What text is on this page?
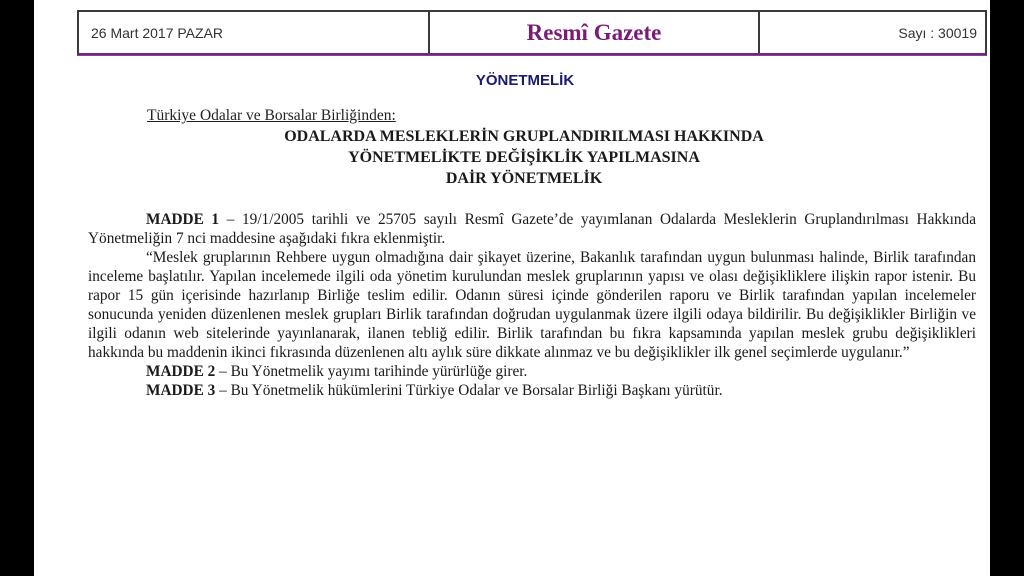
26 Mart 2017 PAZAR	Resmî Gazete	Sayı : 30019
YÖNETMELİK
Türkiye Odalar ve Borsalar Birliğinden:
ODALARDA MESLEKLERİN GRUPLANDIRILMASI HAKKINDA
YÖNETMELİKTE DEĞİŞİKLİK YAPILMASINA
DAİR YÖNETMELİK

MADDE 1 – 19/1/2005 tarihli ve 25705 sayılı Resmî Gazete’de yayımlanan Odalarda Mesleklerin Gruplandırılması Hakkında Yönetmeliğin 7 nci maddesine aşağıdaki fıkra eklenmiştir.

“Meslek gruplarının Rehbere uygun olmadığına dair şikayet üzerine, Bakanlık tarafından uygun bulunması halinde, Birlik tarafından inceleme başlatılır. Yapılan incelemede ilgili oda yönetim kurulundan meslek gruplarının yapısı ve olası değişikliklere ilişkin rapor istenir. Bu rapor 15 gün içerisinde hazırlanıp Birliğe teslim edilir. Odanın süresi içinde gönderilen raporu ve Birlik tarafından yapılan incelemeler sonucunda yeniden düzenlenen meslek grupları Birlik tarafından doğrudan uygulanmak üzere ilgili odaya bildirilir. Bu değişiklikler Birliğin ve ilgili odanın web sitelerinde yayınlanarak, ilanen tebliğ edilir. Birlik tarafından bu fıkra kapsamında yapılan meslek grubu değişiklikleri hakkında bu maddenin ikinci fıkrasında düzenlenen altı aylık süre dikkate alınmaz ve bu değişiklikler ilk genel seçimlerde uygulanır.”

MADDE 2 – Bu Yönetmelik yayımı tarihinde yürürlüğe girer.

MADDE 3 – Bu Yönetmelik hükümlerini Türkiye Odalar ve Borsalar Birliği Başkanı yürütür.
